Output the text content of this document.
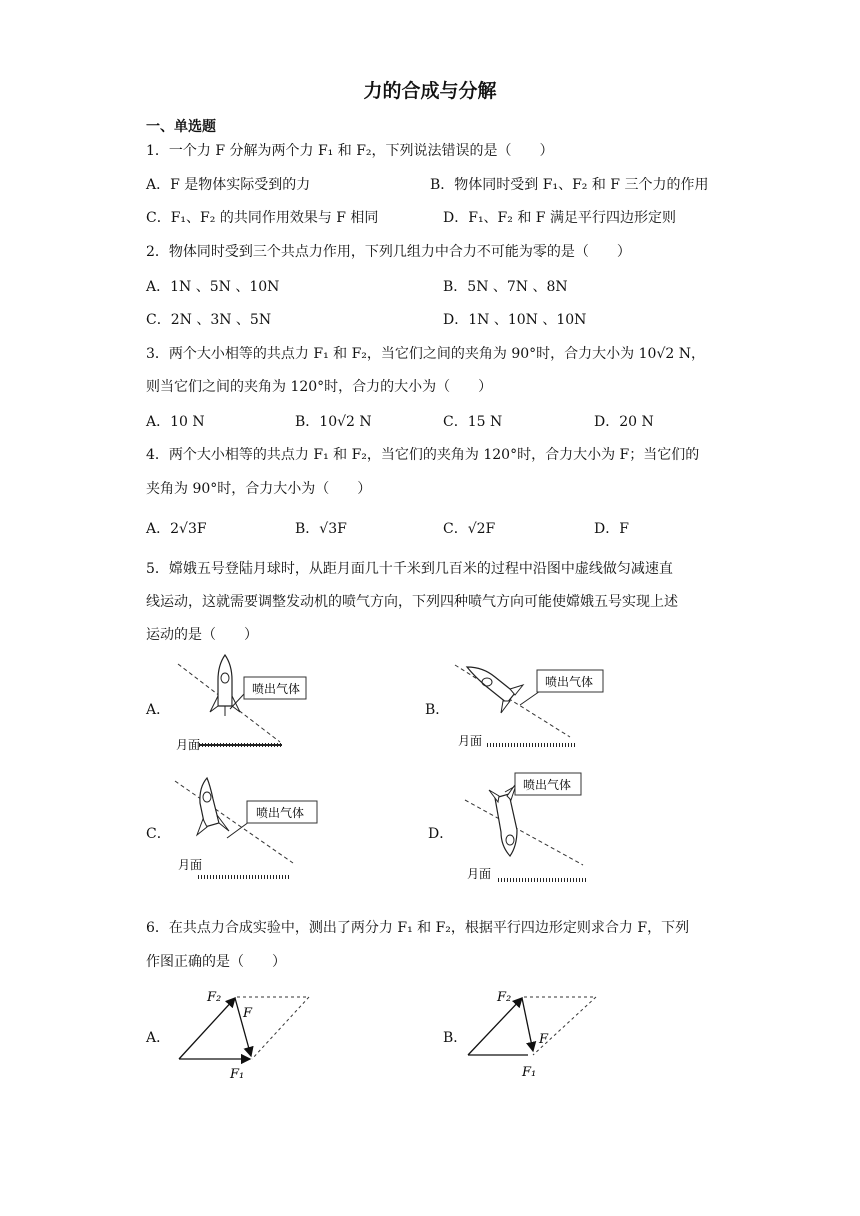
力的合成与分解
一、单选题
1．一个力 F 分解为两个力 F₁ 和 F₂，下列说法错误的是（　　）
A．F 是物体实际受到的力	B．物体同时受到 F₁、F₂ 和 F 三个力的作用
C．F₁、F₂ 的共同作用效果与 F 相同	D．F₁、F₂ 和 F 满足平行四边形定则
2．物体同时受到三个共点力作用，下列几组力中合力不可能为零的是（　　）
A．1N 、5N 、10N	B．5N 、7N 、8N
C．2N 、3N 、5N	D．1N 、10N 、10N
3．两个大小相等的共点力 F₁ 和 F₂，当它们之间的夹角为 90°时，合力大小为 10√2 N，
则当它们之间的夹角为 120°时，合力的大小为（　　）
A．10 N	B．10√2 N	C．15 N	D．20 N
4．两个大小相等的共点力 F₁ 和 F₂，当它们的夹角为 120°时，合力大小为 F；当它们的
夹角为 90°时，合力大小为（　　）
A．2√3F	B．√3F	C．√2F	D．F
5．嫦娥五号登陆月球时，从距月面几十千米到几百米的过程中沿图中虚线做匀减速直
线运动，这就需要调整发动机的喷气方向，下列四种喷气方向可能使嫦娥五号实现上述
运动的是（　　）
A．	B．
C．	D．
喷出气体
月面
喷出气体
月面
喷出气体
月面
喷出气体
月面
6．在共点力合成实验中，测出了两分力 F₁ 和 F₂，根据平行四边形定则求合力 F，下列
作图正确的是（　　）
A．	B．
F₂
F
F₁
F₂
F
F₁
